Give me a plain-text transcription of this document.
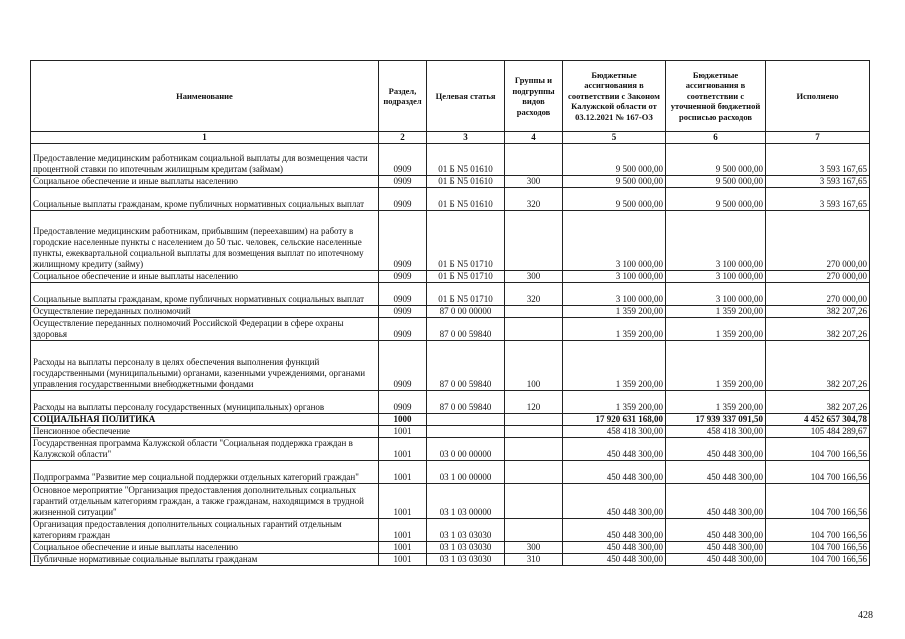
Наименование	Раздел, подраздел	Целевая статья	Группы и подгруппы видов расходов	Бюджетные ассигнования в соответствии с Законом Калужской области от 03.12.2021 № 167-ОЗ	Бюджетные ассигнования в соответствии с уточненной бюджетной росписью расходов	Исполнено
1	2	3	4	5	6	7
Предоставление медицинским работникам социальной выплаты для возмещения части процентной ставки по ипотечным жилищным кредитам (займам)	0909	01 Б N5 01610		9 500 000,00	9 500 000,00	3 593 167,65
Социальное обеспечение и иные выплаты населению	0909	01 Б N5 01610	300	9 500 000,00	9 500 000,00	3 593 167,65
Социальные выплаты гражданам, кроме публичных нормативных социальных выплат	0909	01 Б N5 01610	320	9 500 000,00	9 500 000,00	3 593 167,65
Предоставление медицинским работникам, прибывшим (переехавшим) на работу в городские населенные пункты с населением до 50 тыс. человек, сельские населенные пункты, ежеквартальной социальной выплаты для возмещения выплат по ипотечному жилищному кредиту (займу)	0909	01 Б N5 01710		3 100 000,00	3 100 000,00	270 000,00
Социальное обеспечение и иные выплаты населению	0909	01 Б N5 01710	300	3 100 000,00	3 100 000,00	270 000,00
Социальные выплаты гражданам, кроме публичных нормативных социальных выплат	0909	01 Б N5 01710	320	3 100 000,00	3 100 000,00	270 000,00
Осуществление переданных полномочий	0909	87 0 00 00000		1 359 200,00	1 359 200,00	382 207,26
Осуществление переданных полномочий Российской Федерации в сфере охраны здоровья	0909	87 0 00 59840		1 359 200,00	1 359 200,00	382 207,26
Расходы на выплаты персоналу в целях обеспечения выполнения функций государственными (муниципальными) органами, казенными учреждениями, органами управления государственными внебюджетными фондами	0909	87 0 00 59840	100	1 359 200,00	1 359 200,00	382 207,26
Расходы на выплаты персоналу государственных (муниципальных) органов	0909	87 0 00 59840	120	1 359 200,00	1 359 200,00	382 207,26
СОЦИАЛЬНАЯ ПОЛИТИКА	1000			17 920 631 168,00	17 939 337 091,50	4 452 657 304,78
Пенсионное обеспечение	1001			458 418 300,00	458 418 300,00	105 484 289,67
Государственная программа Калужской области "Социальная поддержка граждан в Калужской области"	1001	03 0 00 00000		450 448 300,00	450 448 300,00	104 700 166,56
Подпрограмма "Развитие мер социальной поддержки отдельных категорий граждан"	1001	03 1 00 00000		450 448 300,00	450 448 300,00	104 700 166,56
Основное мероприятие "Организация предоставления дополнительных социальных гарантий отдельным категориям граждан, а также гражданам, находящимся в трудной жизненной ситуации"	1001	03 1 03 00000		450 448 300,00	450 448 300,00	104 700 166,56
Организация предоставления дополнительных социальных гарантий отдельным категориям граждан	1001	03 1 03 03030		450 448 300,00	450 448 300,00	104 700 166,56
Социальное обеспечение и иные выплаты населению	1001	03 1 03 03030	300	450 448 300,00	450 448 300,00	104 700 166,56
Публичные нормативные социальные выплаты гражданам	1001	03 1 03 03030	310	450 448 300,00	450 448 300,00	104 700 166,56
428
